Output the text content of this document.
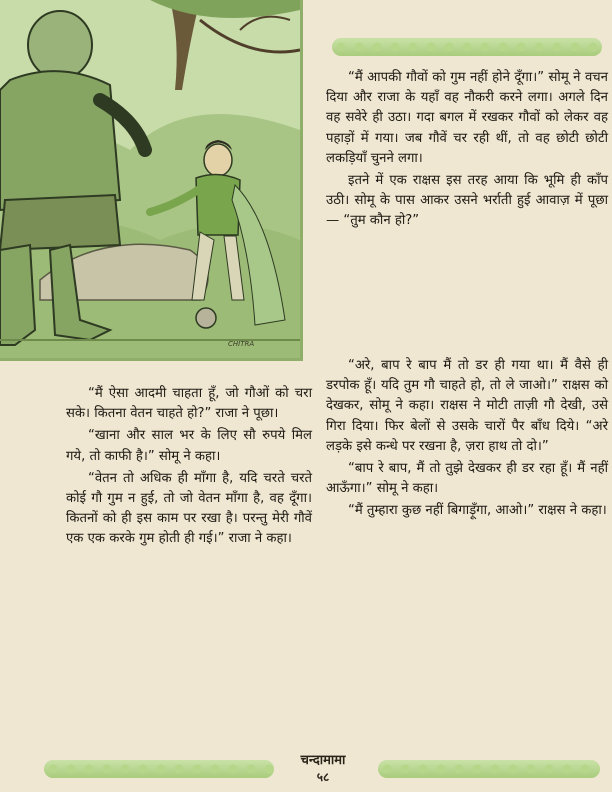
CHITRA

“मैं आपकी गौवों को गुम नहीं होने दूँगा।” सोमू ने वचन दिया और राजा के यहाँ वह नौकरी करने लगा। अगले दिन वह सवेरे ही उठा। गदा बगल में रखकर गौवों को लेकर वह पहाड़ों में गया। जब गौवें चर रही थीं, तो वह छोटी छोटी लकड़ियाँ चुनने लगा।

इतने में एक राक्षस इस तरह आया कि भूमि ही काँप उठी। सोमू के पास आकर उसने भर्राती हुई आवाज़ में पूछा — “तुम कौन हो?”

“अरे, बाप रे बाप मैं तो डर ही गया था। मैं वैसे ही डरपोक हूँ। यदि तुम गौ चाहते हो, तो ले जाओ।” राक्षस को देखकर, सोमू ने कहा। राक्षस ने मोटी ताज़ी गौ देखी, उसे गिरा दिया। फिर बेलों से उसके चारों पैर बाँध दिये। “अरे लड़के इसे कन्धे पर रखना है, ज़रा हाथ तो दो।”

“बाप रे बाप, मैं तो तुझे देखकर ही डर रहा हूँ। मैं नहीं आऊँगा।” सोमू ने कहा।

“मैं तुम्हारा कुछ नहीं बिगाड़ूँगा, आओ।” राक्षस ने कहा।

“मैं ऐसा आदमी चाहता हूँ, जो गौओं को चरा सके। कितना वेतन चाहते हो?” राजा ने पूछा।

“खाना और साल भर के लिए सौ रुपये मिल गये, तो काफी है।” सोमू ने कहा।

“वेतन तो अधिक ही माँगा है, यदि चरते चरते कोई गौ गुम न हुई, तो जो वेतन माँगा है, वह दूँगा। कितनों को ही इस काम पर रखा है। परन्तु मेरी गौवें एक एक करके गुम होती ही गई।” राजा ने कहा।

चन्दामामा
५८
